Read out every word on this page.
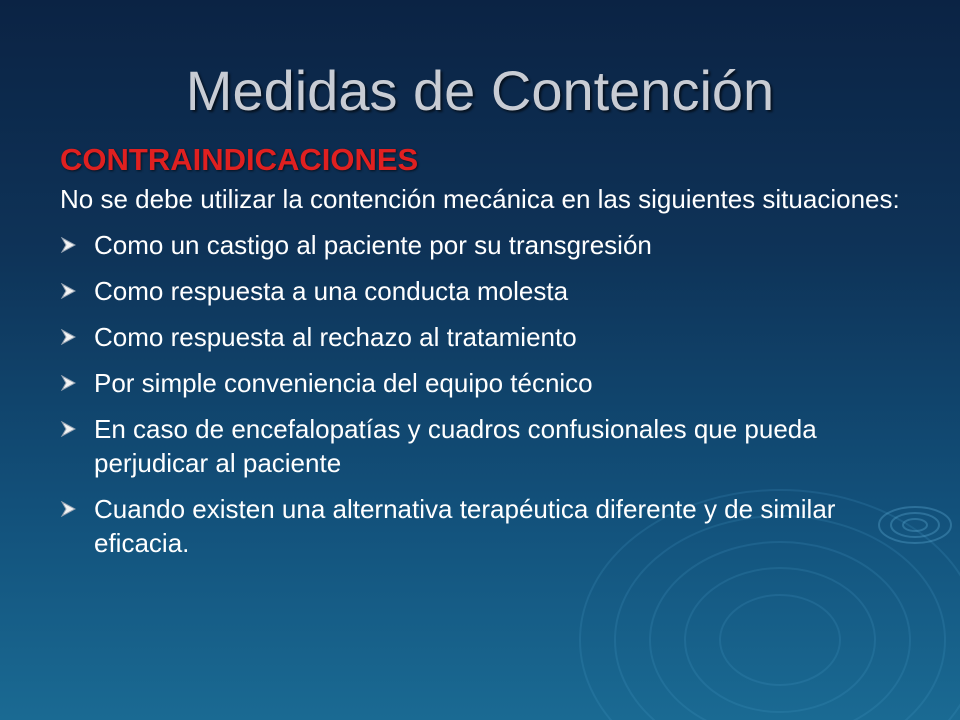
Medidas de Contención
CONTRAINDICACIONES
No se debe utilizar la contención mecánica en las siguientes situaciones:
Como un castigo al paciente por su transgresión
Como respuesta a una conducta molesta
Como respuesta al rechazo al tratamiento
Por simple conveniencia del equipo técnico
En caso de encefalopatías y cuadros confusionales que pueda perjudicar al paciente
Cuando existen una alternativa terapéutica diferente y de similar eficacia.
